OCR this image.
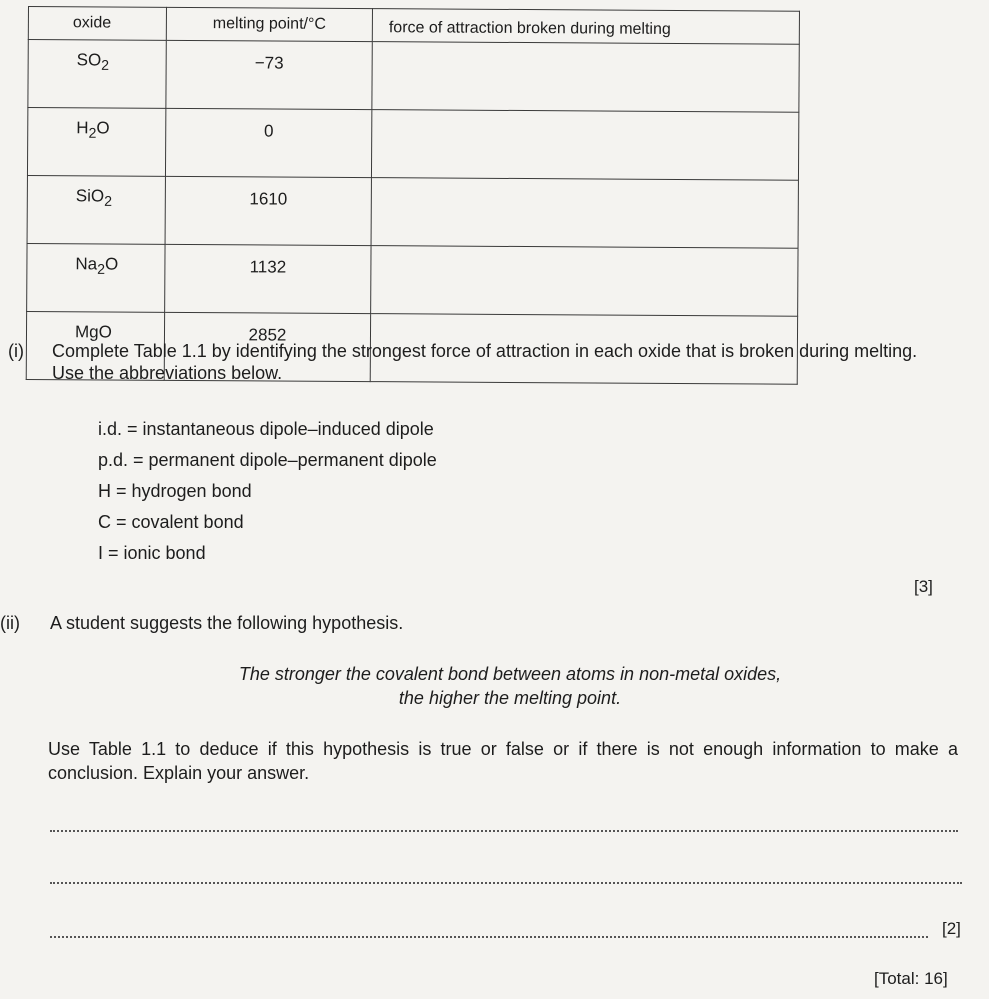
oxide	melting point/°C	force of attraction broken during melting
$SO_2$	−73	
$H_2O$	0	
SiO$_2$	1610	
$Na_2O$	1132	
MgO	2852	
(i) Complete Table 1.1 by identifying the strongest force of attraction in each oxide that is broken during melting. Use the abbreviations below.
i.d. = instantaneous dipole–induced dipole
p.d. = permanent dipole–permanent dipole
H = hydrogen bond
C = covalent bond
I = ionic bond
[3]
(ii) A student suggests the following hypothesis.
The stronger the covalent bond between atoms in non-metal oxides,
the higher the melting point.
Use Table 1.1 to deduce if this hypothesis is true or false or if there is not enough information to make a conclusion. Explain your answer.
[2]
[Total: 16]
